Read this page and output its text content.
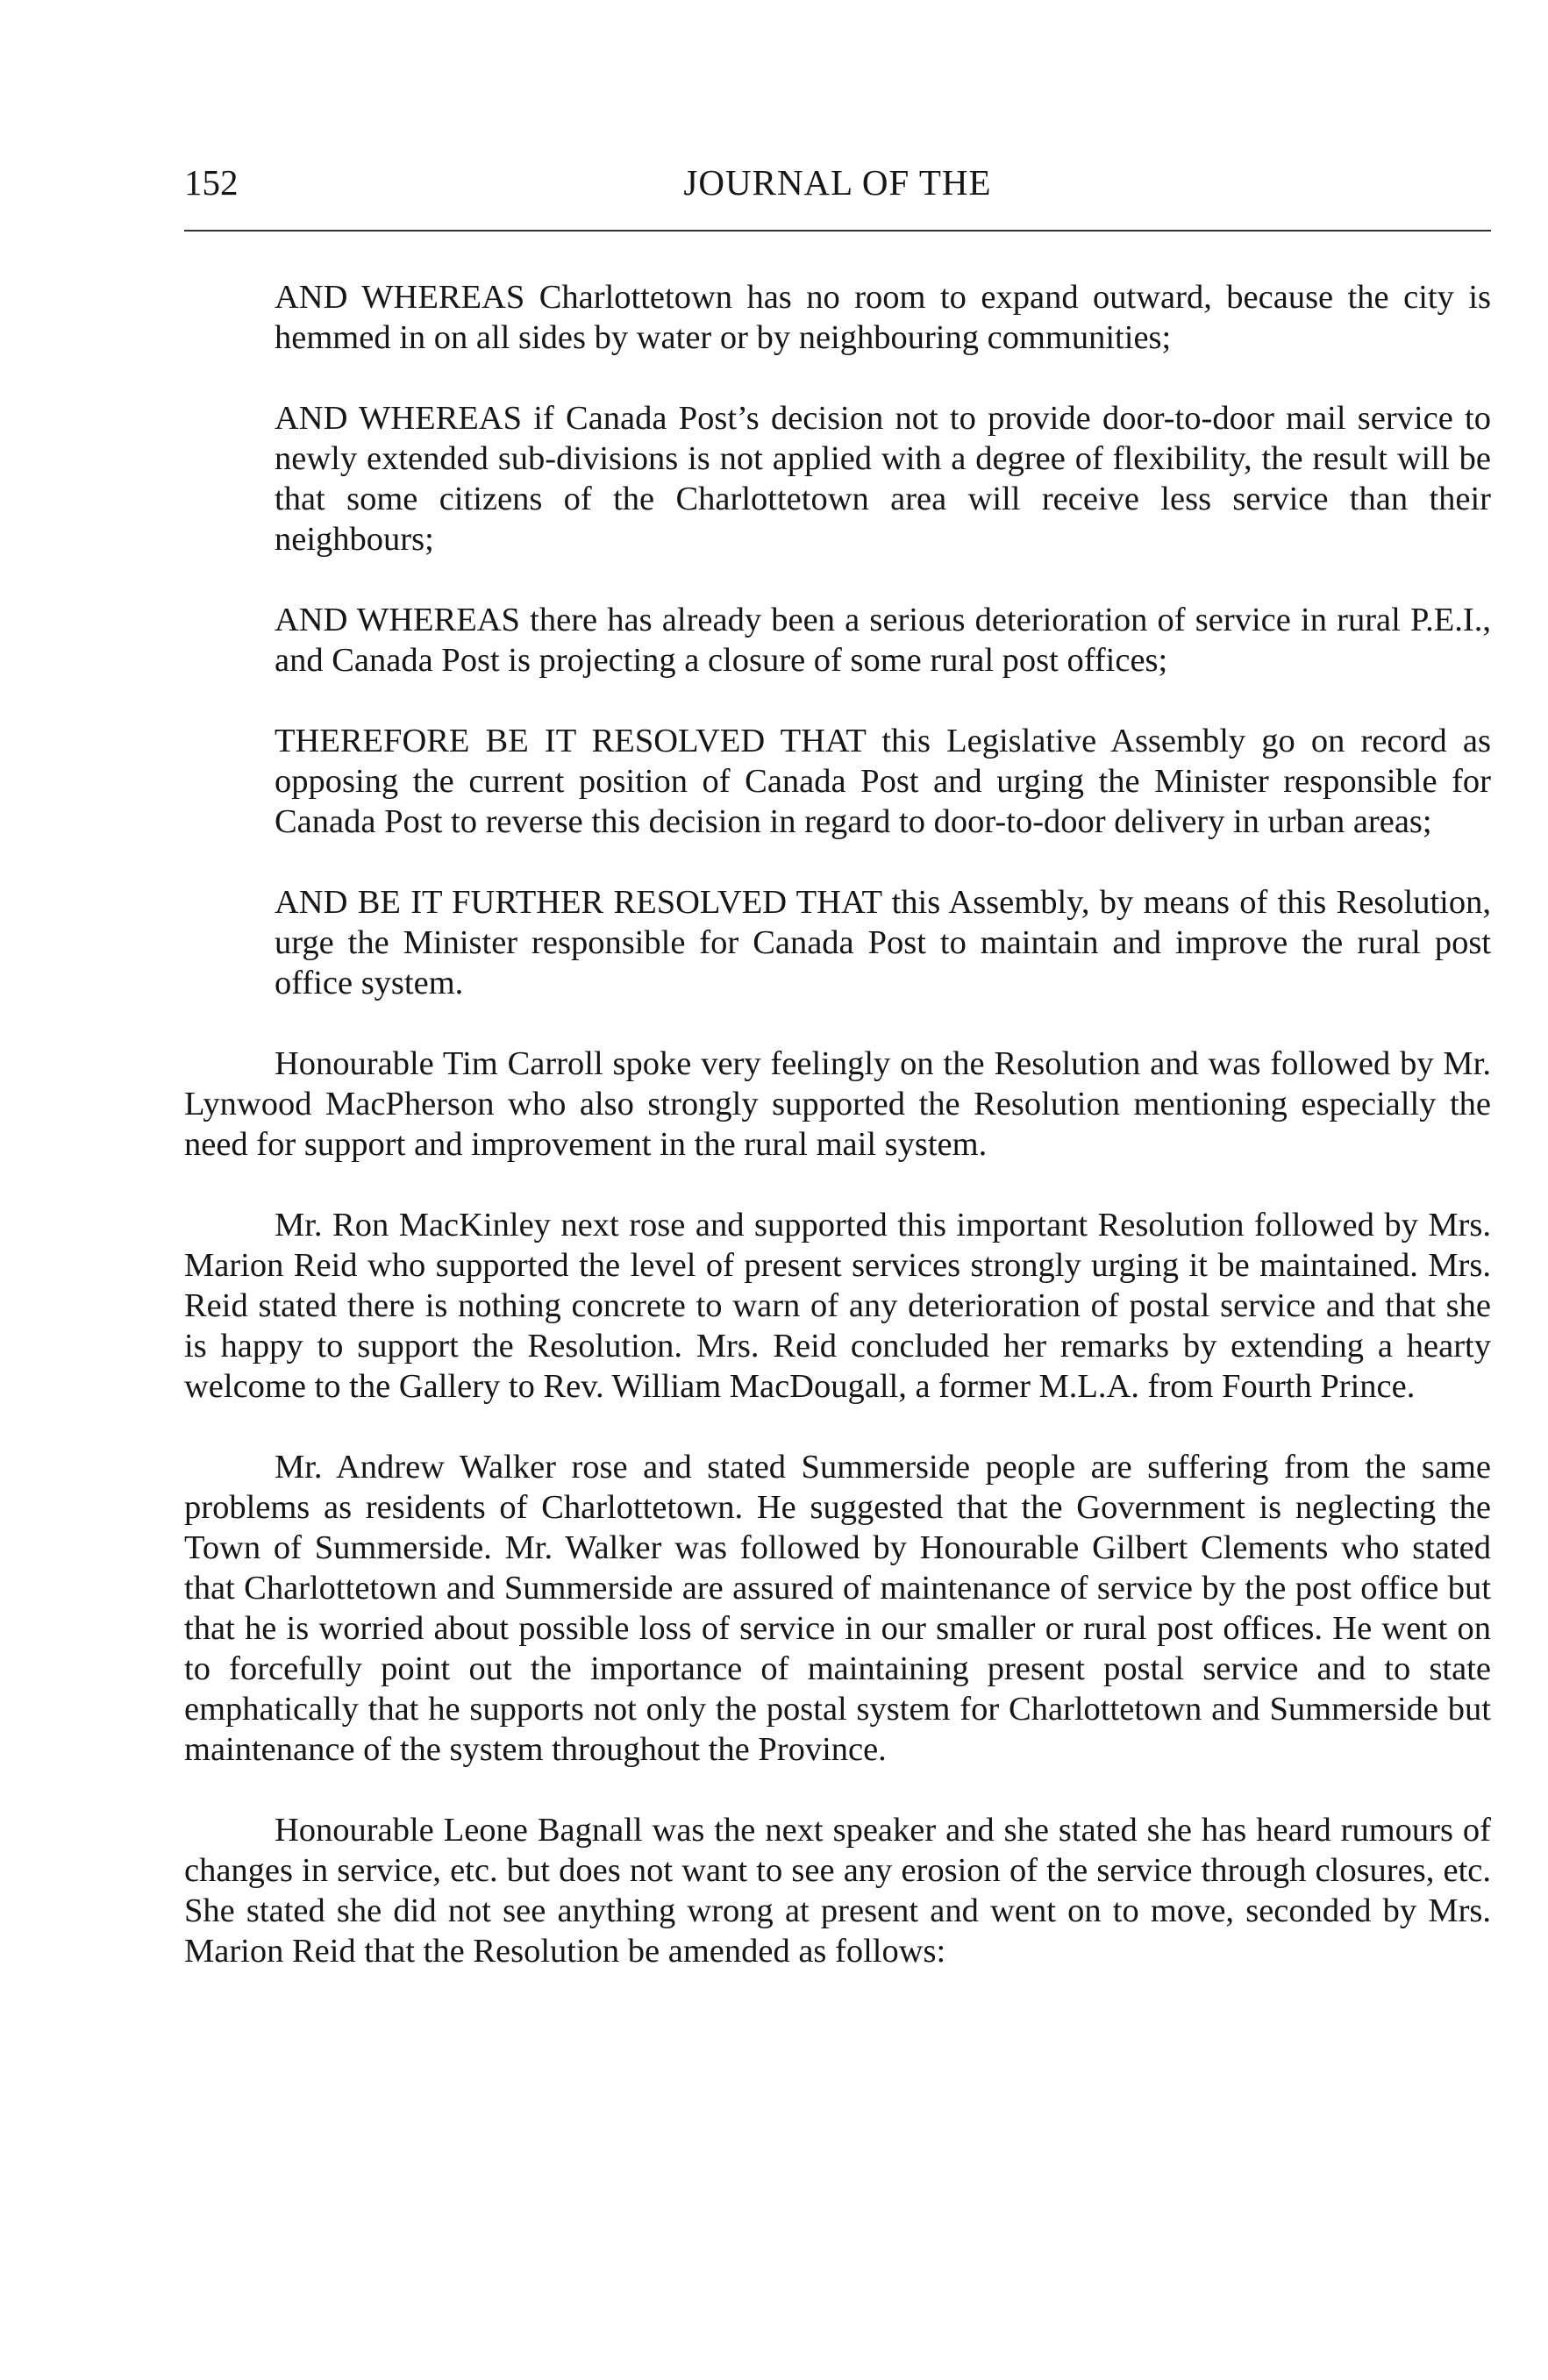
152	JOURNAL OF THE

AND WHEREAS Charlottetown has no room to expand outward, because the city is hemmed in on all sides by water or by neighbouring communities;

AND WHEREAS if Canada Post’s decision not to provide door-to-door mail service to newly extended sub-divisions is not applied with a degree of flexibility, the result will be that some citizens of the Charlottetown area will receive less service than their neighbours;

AND WHEREAS there has already been a serious deterioration of service in rural P.E.I., and Canada Post is projecting a closure of some rural post offices;

THEREFORE BE IT RESOLVED THAT this Legislative Assembly go on record as opposing the current position of Canada Post and urging the Minister responsible for Canada Post to reverse this decision in regard to door-to-door delivery in urban areas;

AND BE IT FURTHER RESOLVED THAT this Assembly, by means of this Resolution, urge the Minister responsible for Canada Post to maintain and improve the rural post office system.

Honourable Tim Carroll spoke very feelingly on the Resolution and was followed by Mr. Lynwood MacPherson who also strongly supported the Resolution mentioning especially the need for support and improvement in the rural mail system.

Mr. Ron MacKinley next rose and supported this important Resolution followed by Mrs. Marion Reid who supported the level of present services strongly urging it be maintained. Mrs. Reid stated there is nothing concrete to warn of any deterioration of postal service and that she is happy to support the Resolution. Mrs. Reid concluded her remarks by extending a hearty welcome to the Gallery to Rev. William MacDougall, a former M.L.A. from Fourth Prince.

Mr. Andrew Walker rose and stated Summerside people are suffering from the same problems as residents of Charlottetown. He suggested that the Government is neglecting the Town of Summerside. Mr. Walker was followed by Honourable Gilbert Clements who stated that Charlottetown and Summerside are assured of maintenance of service by the post office but that he is worried about possible loss of service in our smaller or rural post offices. He went on to forcefully point out the importance of maintaining present postal service and to state emphatically that he supports not only the postal system for Charlottetown and Summerside but maintenance of the system throughout the Province.

Honourable Leone Bagnall was the next speaker and she stated she has heard rumours of changes in service, etc. but does not want to see any erosion of the service through closures, etc. She stated she did not see anything wrong at present and went on to move, seconded by Mrs. Marion Reid that the Resolution be amended as follows:
